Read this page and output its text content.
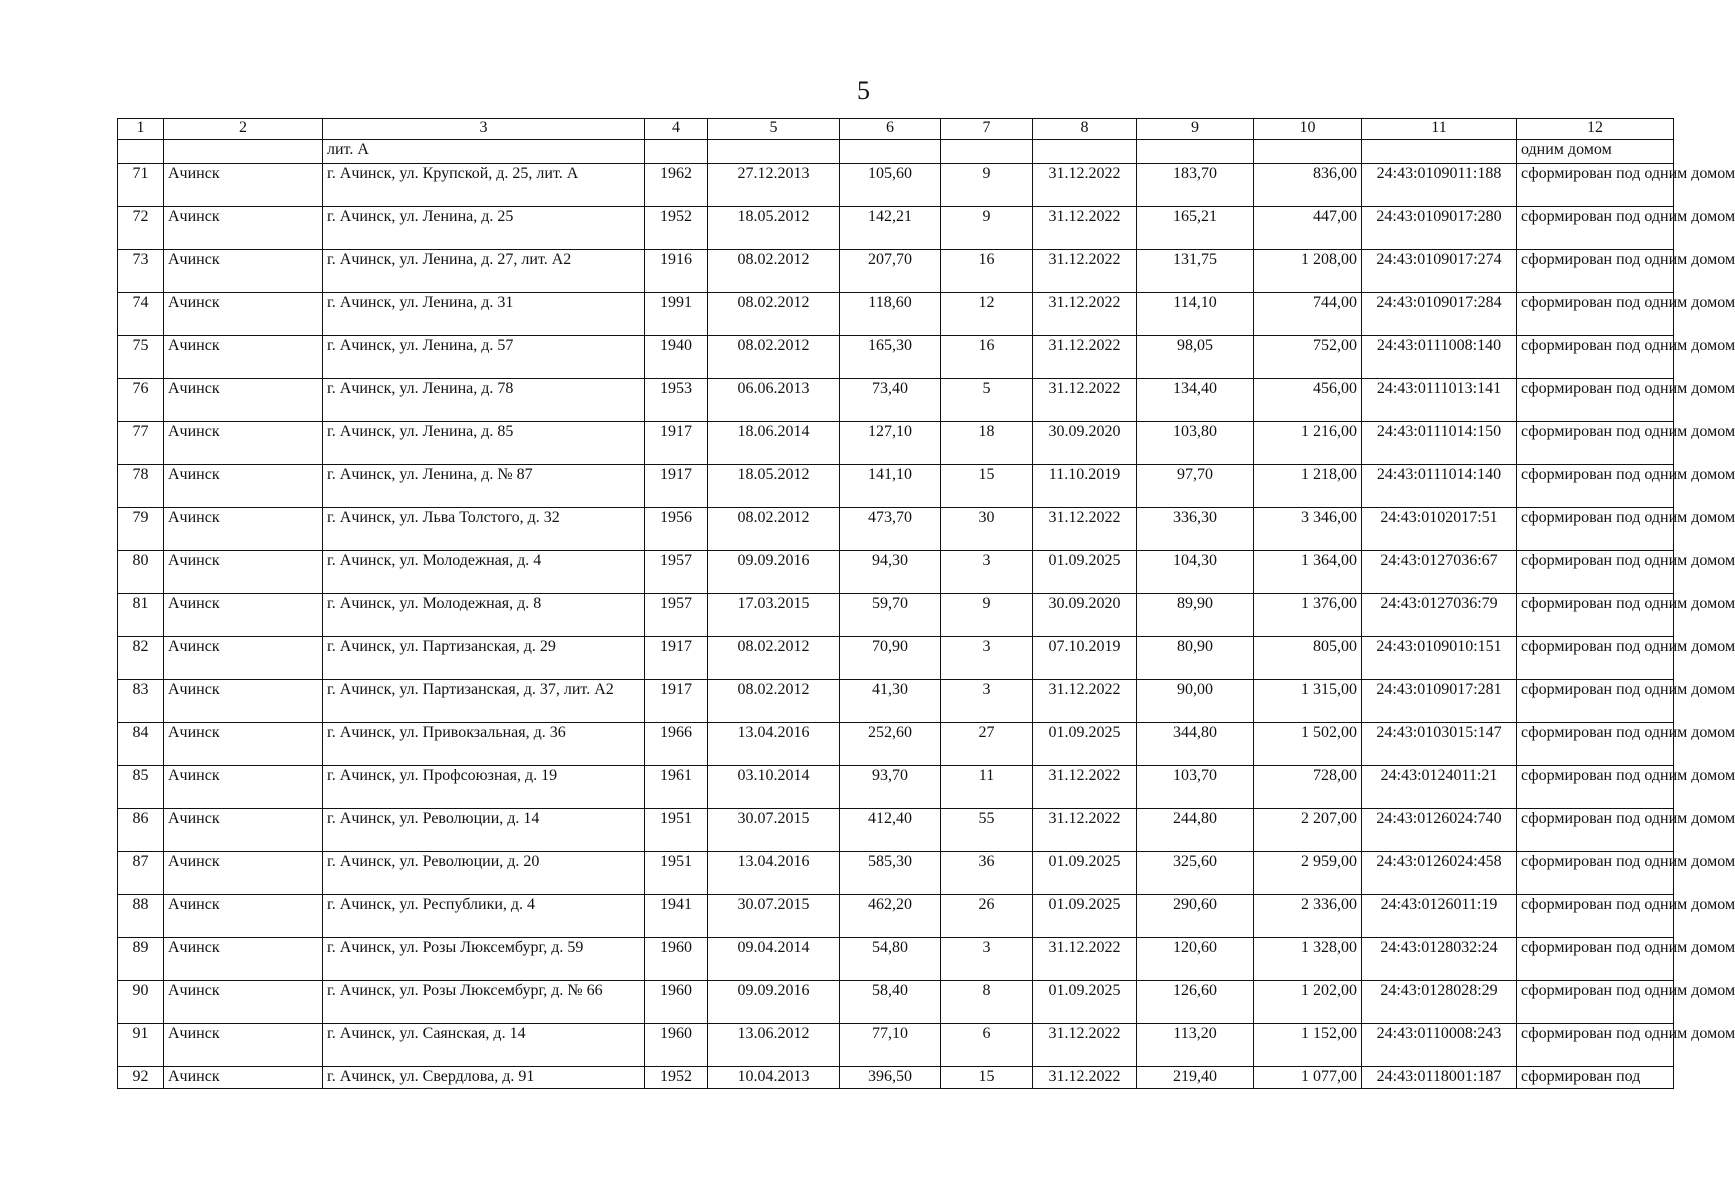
5
1	2	3	4	5	6	7	8	9	10	11	12
		лит. А									одним домом
71	Ачинск	г. Ачинск, ул. Крупской, д. 25, лит. А	1962	27.12.2013	105,60	9	31.12.2022	183,70	836,00	24:43:0109011:188	сформирован под одним домом
72	Ачинск	г. Ачинск, ул. Ленина, д. 25	1952	18.05.2012	142,21	9	31.12.2022	165,21	447,00	24:43:0109017:280	сформирован под одним домом
73	Ачинск	г. Ачинск, ул. Ленина, д. 27, лит. А2	1916	08.02.2012	207,70	16	31.12.2022	131,75	1 208,00	24:43:0109017:274	сформирован под одним домом
74	Ачинск	г. Ачинск, ул. Ленина, д. 31	1991	08.02.2012	118,60	12	31.12.2022	114,10	744,00	24:43:0109017:284	сформирован под одним домом
75	Ачинск	г. Ачинск, ул. Ленина, д. 57	1940	08.02.2012	165,30	16	31.12.2022	98,05	752,00	24:43:0111008:140	сформирован под одним домом
76	Ачинск	г. Ачинск, ул. Ленина, д. 78	1953	06.06.2013	73,40	5	31.12.2022	134,40	456,00	24:43:0111013:141	сформирован под одним домом
77	Ачинск	г. Ачинск, ул. Ленина, д. 85	1917	18.06.2014	127,10	18	30.09.2020	103,80	1 216,00	24:43:0111014:150	сформирован под одним домом
78	Ачинск	г. Ачинск, ул. Ленина, д. № 87	1917	18.05.2012	141,10	15	11.10.2019	97,70	1 218,00	24:43:0111014:140	сформирован под одним домом
79	Ачинск	г. Ачинск, ул. Льва Толстого, д. 32	1956	08.02.2012	473,70	30	31.12.2022	336,30	3 346,00	24:43:0102017:51	сформирован под одним домом
80	Ачинск	г. Ачинск, ул. Молодежная, д. 4	1957	09.09.2016	94,30	3	01.09.2025	104,30	1 364,00	24:43:0127036:67	сформирован под одним домом
81	Ачинск	г. Ачинск, ул. Молодежная, д. 8	1957	17.03.2015	59,70	9	30.09.2020	89,90	1 376,00	24:43:0127036:79	сформирован под одним домом
82	Ачинск	г. Ачинск, ул. Партизанская, д. 29	1917	08.02.2012	70,90	3	07.10.2019	80,90	805,00	24:43:0109010:151	сформирован под одним домом
83	Ачинск	г. Ачинск, ул. Партизанская, д. 37, лит. А2	1917	08.02.2012	41,30	3	31.12.2022	90,00	1 315,00	24:43:0109017:281	сформирован под одним домом
84	Ачинск	г. Ачинск, ул. Привокзальная, д. 36	1966	13.04.2016	252,60	27	01.09.2025	344,80	1 502,00	24:43:0103015:147	сформирован под одним домом
85	Ачинск	г. Ачинск, ул. Профсоюзная, д. 19	1961	03.10.2014	93,70	11	31.12.2022	103,70	728,00	24:43:0124011:21	сформирован под одним домом
86	Ачинск	г. Ачинск, ул. Революции, д. 14	1951	30.07.2015	412,40	55	31.12.2022	244,80	2 207,00	24:43:0126024:740	сформирован под одним домом
87	Ачинск	г. Ачинск, ул. Революции, д. 20	1951	13.04.2016	585,30	36	01.09.2025	325,60	2 959,00	24:43:0126024:458	сформирован под одним домом
88	Ачинск	г. Ачинск, ул. Республики, д. 4	1941	30.07.2015	462,20	26	01.09.2025	290,60	2 336,00	24:43:0126011:19	сформирован под одним домом
89	Ачинск	г. Ачинск, ул. Розы Люксембург, д. 59	1960	09.04.2014	54,80	3	31.12.2022	120,60	1 328,00	24:43:0128032:24	сформирован под одним домом
90	Ачинск	г. Ачинск, ул. Розы Люксембург, д. № 66	1960	09.09.2016	58,40	8	01.09.2025	126,60	1 202,00	24:43:0128028:29	сформирован под одним домом
91	Ачинск	г. Ачинск, ул. Саянская, д. 14	1960	13.06.2012	77,10	6	31.12.2022	113,20	1 152,00	24:43:0110008:243	сформирован под одним домом
92	Ачинск	г. Ачинск, ул. Свердлова, д. 91	1952	10.04.2013	396,50	15	31.12.2022	219,40	1 077,00	24:43:0118001:187	сформирован под
